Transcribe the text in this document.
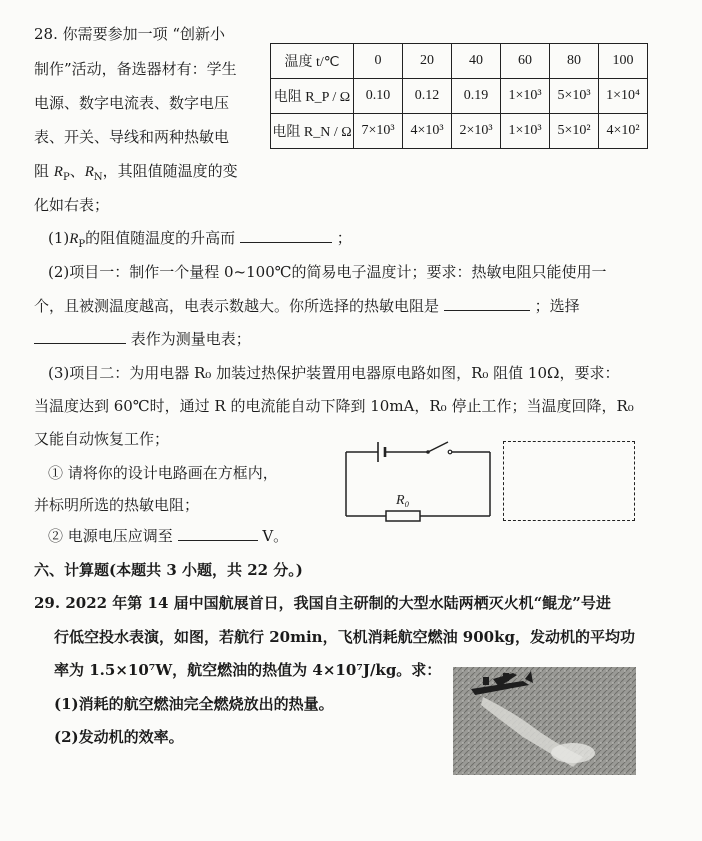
28. 你需要参加一项 “创新小
制作”活动，备选器材有：学生
电源、数字电流表、数字电压
表、开关、导线和两种热敏电
阻 $R_P$、$R_N$，其阻值随温度的变
化如右表；
温度 t/℃	0	20	40	60	80	100
电阻 R_P / Ω	0.10	0.12	0.19	1×10³	5×10³	1×10⁴
电阻 R_N / Ω	7×10³	4×10³	2×10³	1×10³	5×10²	4×10²
$(1)R_P$的阻值随温度的升高而	；
(2)项目一：制作一个量程 0~100℃的简易电子温度计；要求：热敏电阻只能使用一
个，且被测温度越高，电表示数越大。你所选择的热敏电阻是	；选择
表作为测量电表；
(3)项目二：为用电器 R₀ 加装过热保护装置用电器原电路如图，R₀ 阻值 10Ω，要求：
当温度达到 60℃时，通过 R 的电流能自动下降到 10mA，R₀ 停止工作；当温度回降，R₀
又能自动恢复工作；
① 请将你的设计电路画在方框内，
并标明所选的热敏电阻；
② 电源电压应调至	V。
R₀
六、计算题(本题共 3 小题，共 22 分。)
29. 2022 年第 14 届中国航展首日，我国自主研制的大型水陆两栖灭火机“鲲龙”号进
行低空投水表演，如图，若航行 20min，飞机消耗航空燃油 900kg，发动机的平均功
率为 1.5×10⁷W，航空燃油的热值为 4×10⁷J/kg。求：
(1)消耗的航空燃油完全燃烧放出的热量。
(2)发动机的效率。
